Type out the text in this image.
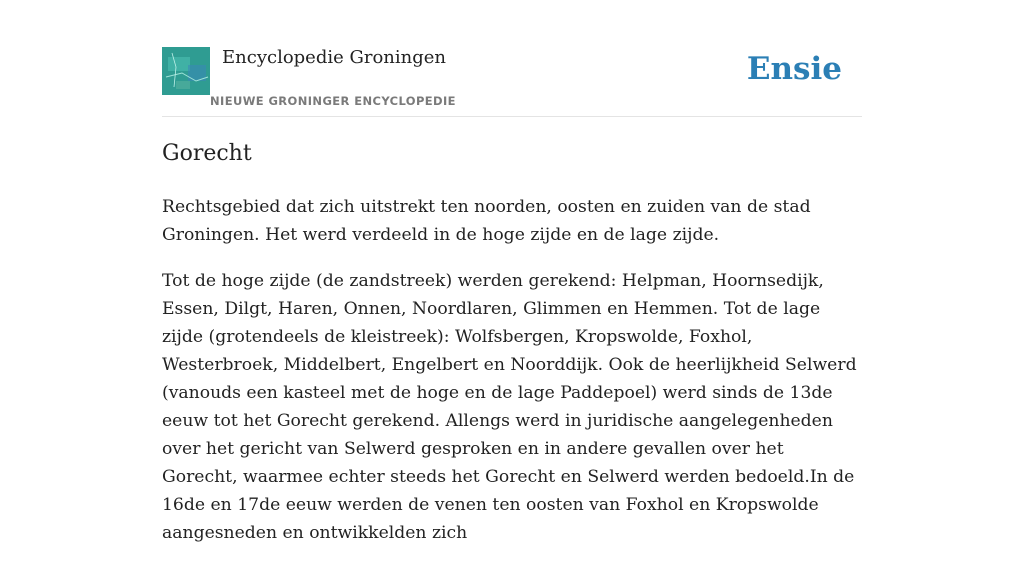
Encyclopedie Groningen
NIEUWE GRONINGER ENCYCLOPEDIE
Ensie
Gorecht

Rechtsgebied dat zich uitstrekt ten noorden, oosten en zuiden van de stad Groningen. Het werd verdeeld in de hoge zijde en de lage zijde.

Tot de hoge zijde (de zandstreek) werden gerekend: Helpman, Hoornsedijk, Essen, Dilgt, Haren, Onnen, Noordlaren, Glimmen en Hemmen. Tot de lage zijde (grotendeels de kleistreek): Wolfsbergen, Kropswolde, Foxhol, Westerbroek, Middelbert, Engelbert en Noorddijk. Ook de heerlijkheid Selwerd (vanouds een kasteel met de hoge en de lage Paddepoel) werd sinds de 13de eeuw tot het Gorecht gerekend. Allengs werd in juridische aangelegenheden over het gericht van Selwerd gesproken en in andere gevallen over het Gorecht, waarmee echter steeds het Gorecht en Selwerd werden bedoeld.In de 16de en 17de eeuw werden de venen ten oosten van Foxhol en Kropswolde aangesneden en ontwikkelden zich
